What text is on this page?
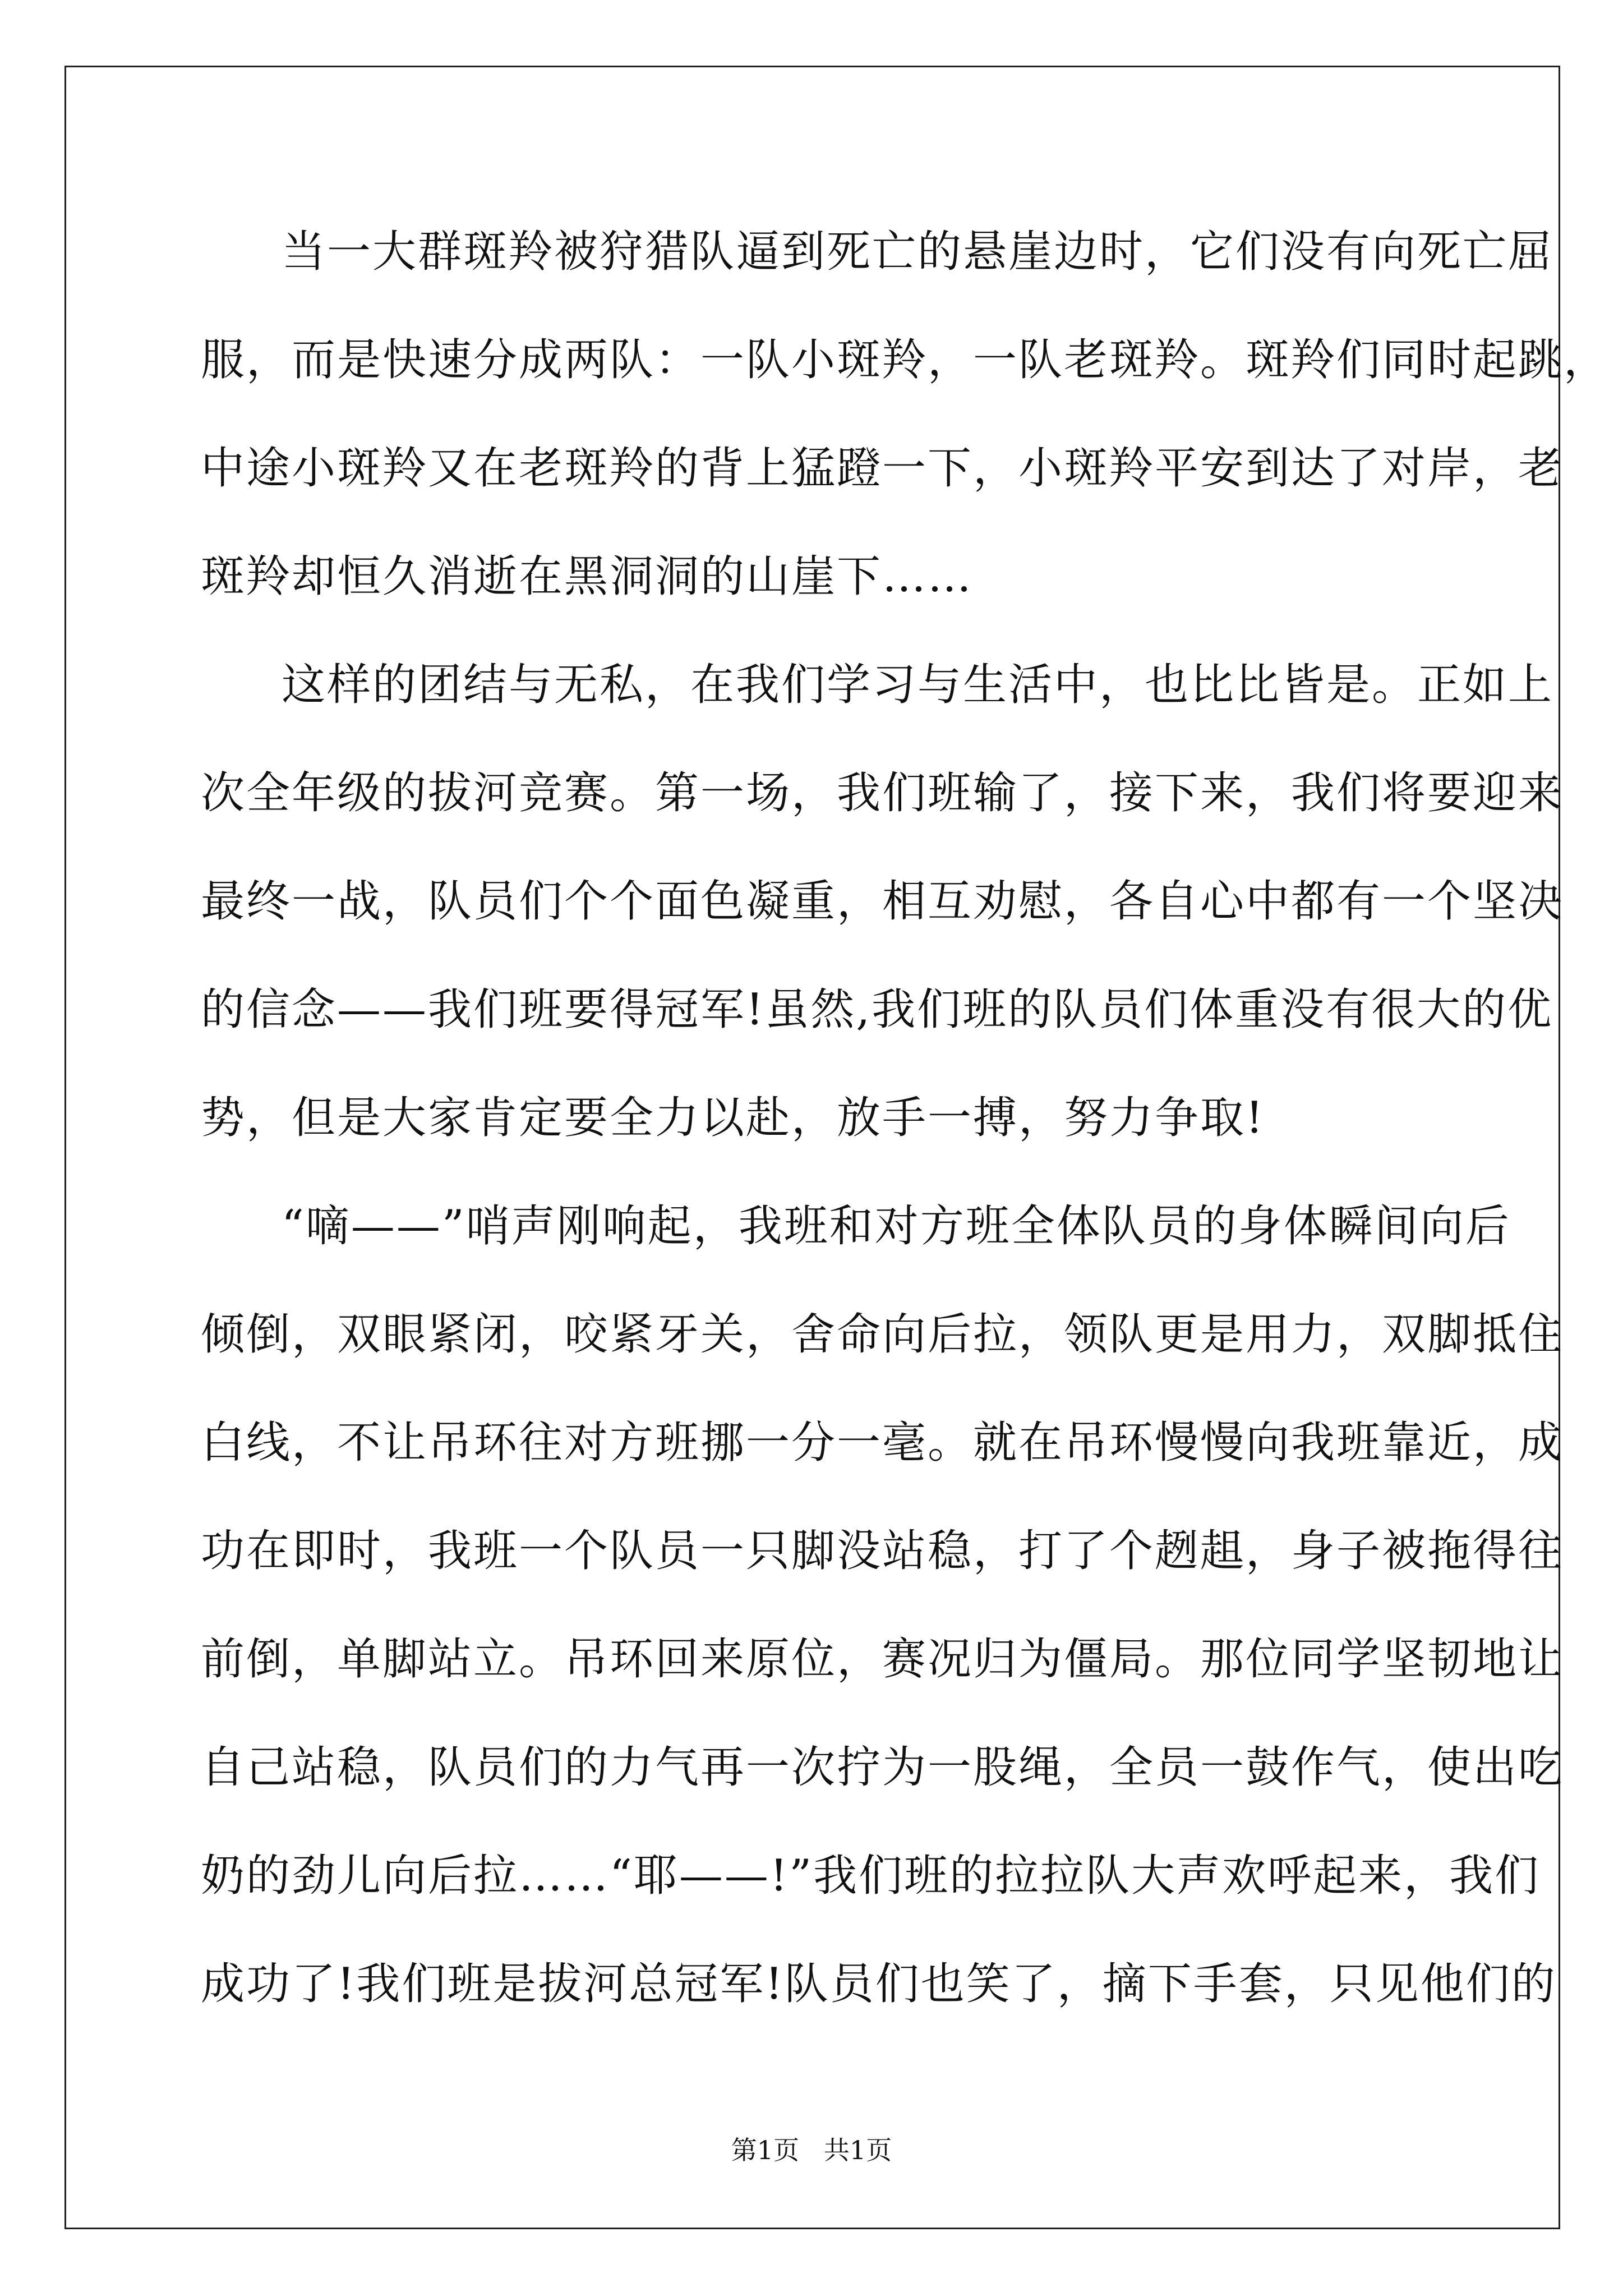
当一大群斑羚被狩猎队逼到死亡的悬崖边时，它们没有向死亡屈
服，而是快速分成两队：一队小斑羚，一队老斑羚。斑羚们同时起跳，
中途小斑羚又在老斑羚的背上猛蹬一下，小斑羚平安到达了对岸，老
斑羚却恒久消逝在黑洞洞的山崖下……
这样的团结与无私，在我们学习与生活中，也比比皆是。正如上
次全年级的拔河竞赛。第一场，我们班输了，接下来，我们将要迎来
最终一战，队员们个个面色凝重，相互劝慰，各自心中都有一个坚决
的信念——我们班要得冠军!虽然,我们班的队员们体重没有很大的优
势，但是大家肯定要全力以赴，放手一搏，努力争取!
“嘀——”哨声刚响起，我班和对方班全体队员的身体瞬间向后
倾倒，双眼紧闭，咬紧牙关，舍命向后拉，领队更是用力，双脚抵住
白线，不让吊环往对方班挪一分一毫。就在吊环慢慢向我班靠近，成
功在即时，我班一个队员一只脚没站稳，打了个趔趄，身子被拖得往
前倒，单脚站立。吊环回来原位，赛况归为僵局。那位同学坚韧地让
自己站稳，队员们的力气再一次拧为一股绳，全员一鼓作气，使出吃
奶的劲儿向后拉……“耶——!”我们班的拉拉队大声欢呼起来，我们
成功了!我们班是拔河总冠军!队员们也笑了，摘下手套，只见他们的
第1页   共1页
